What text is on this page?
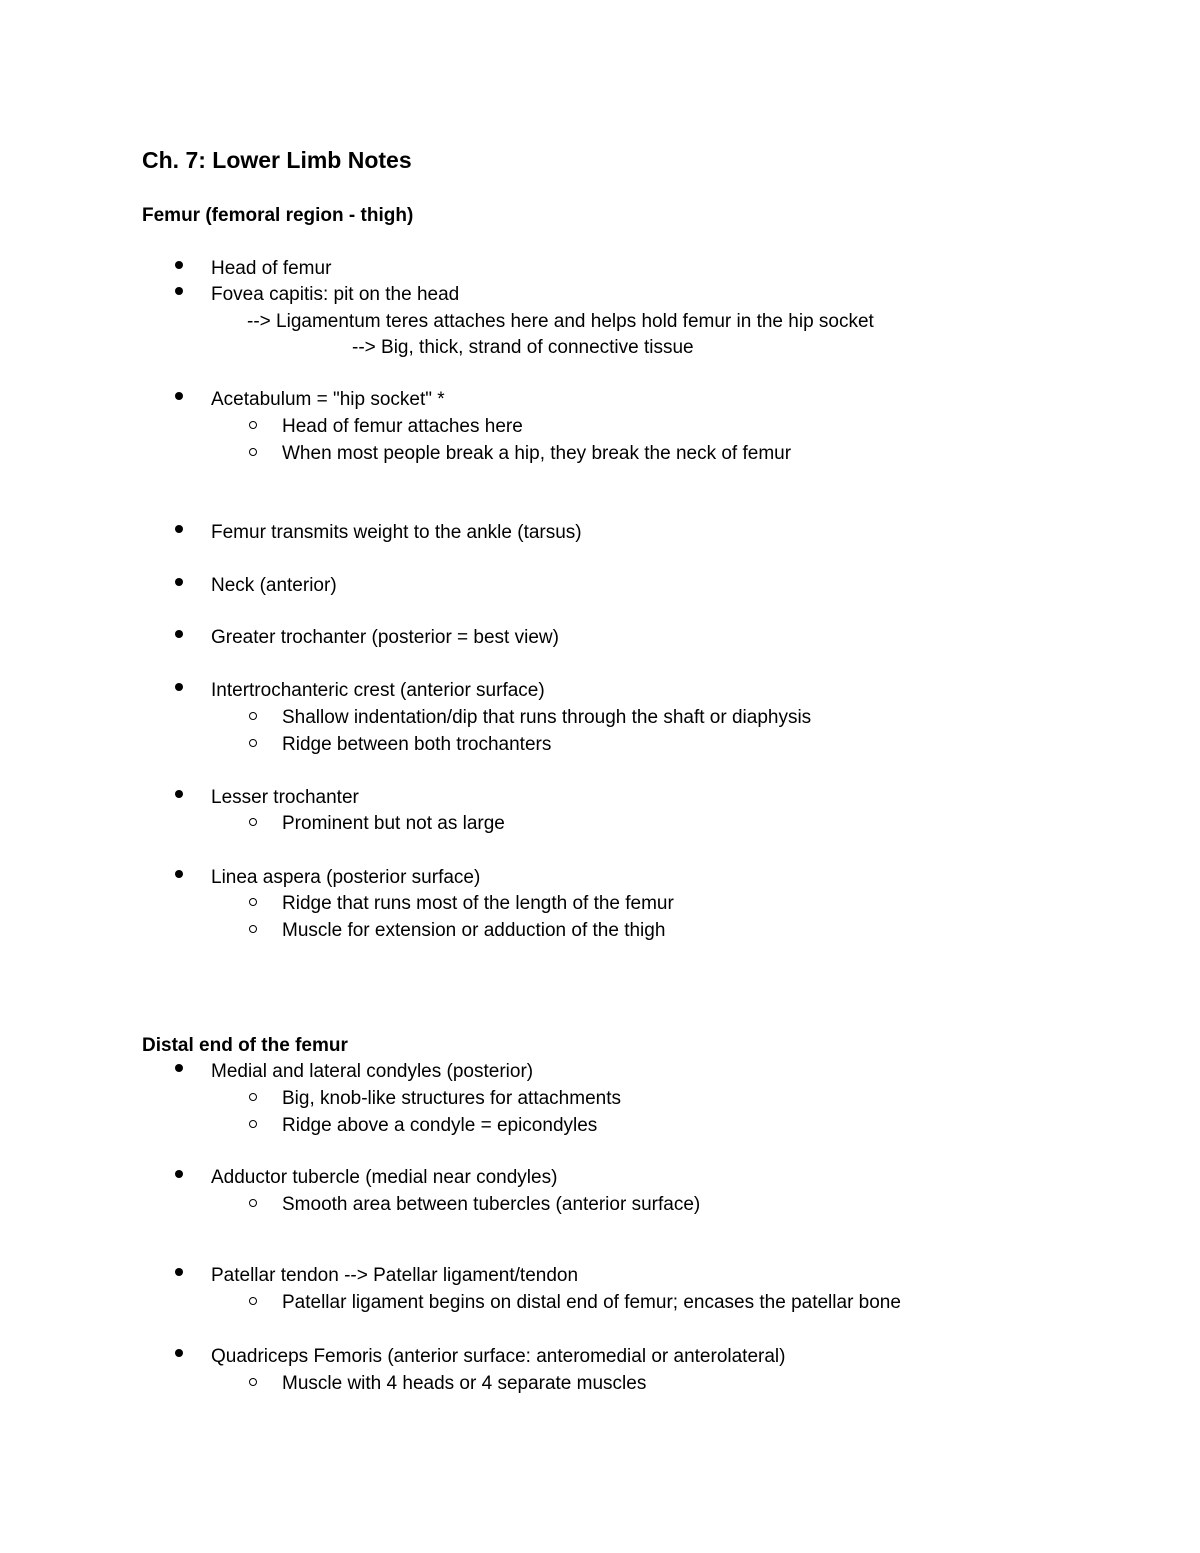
Ch. 7: Lower Limb Notes
Femur (femoral region - thigh)
Head of femur
Fovea capitis: pit on the head
--> Ligamentum teres attaches here and helps hold femur in the hip socket
--> Big, thick, strand of connective tissue
Acetabulum = "hip socket" *
Head of femur attaches here
When most people break a hip, they break the neck of femur
Femur transmits weight to the ankle (tarsus)
Neck (anterior)
Greater trochanter (posterior = best view)
Intertrochanteric crest (anterior surface)
Shallow indentation/dip that runs through the shaft or diaphysis
Ridge between both trochanters
Lesser trochanter
Prominent but not as large
Linea aspera (posterior surface)
Ridge that runs most of the length of the femur
Muscle for extension or adduction of the thigh
Distal end of the femur
Medial and lateral condyles (posterior)
Big, knob-like structures for attachments
Ridge above a condyle = epicondyles
Adductor tubercle (medial near condyles)
Smooth area between tubercles (anterior surface)
Patellar tendon --> Patellar ligament/tendon
Patellar ligament begins on distal end of femur; encases the patellar bone
Quadriceps Femoris (anterior surface: anteromedial or anterolateral)
Muscle with 4 heads or 4 separate muscles
